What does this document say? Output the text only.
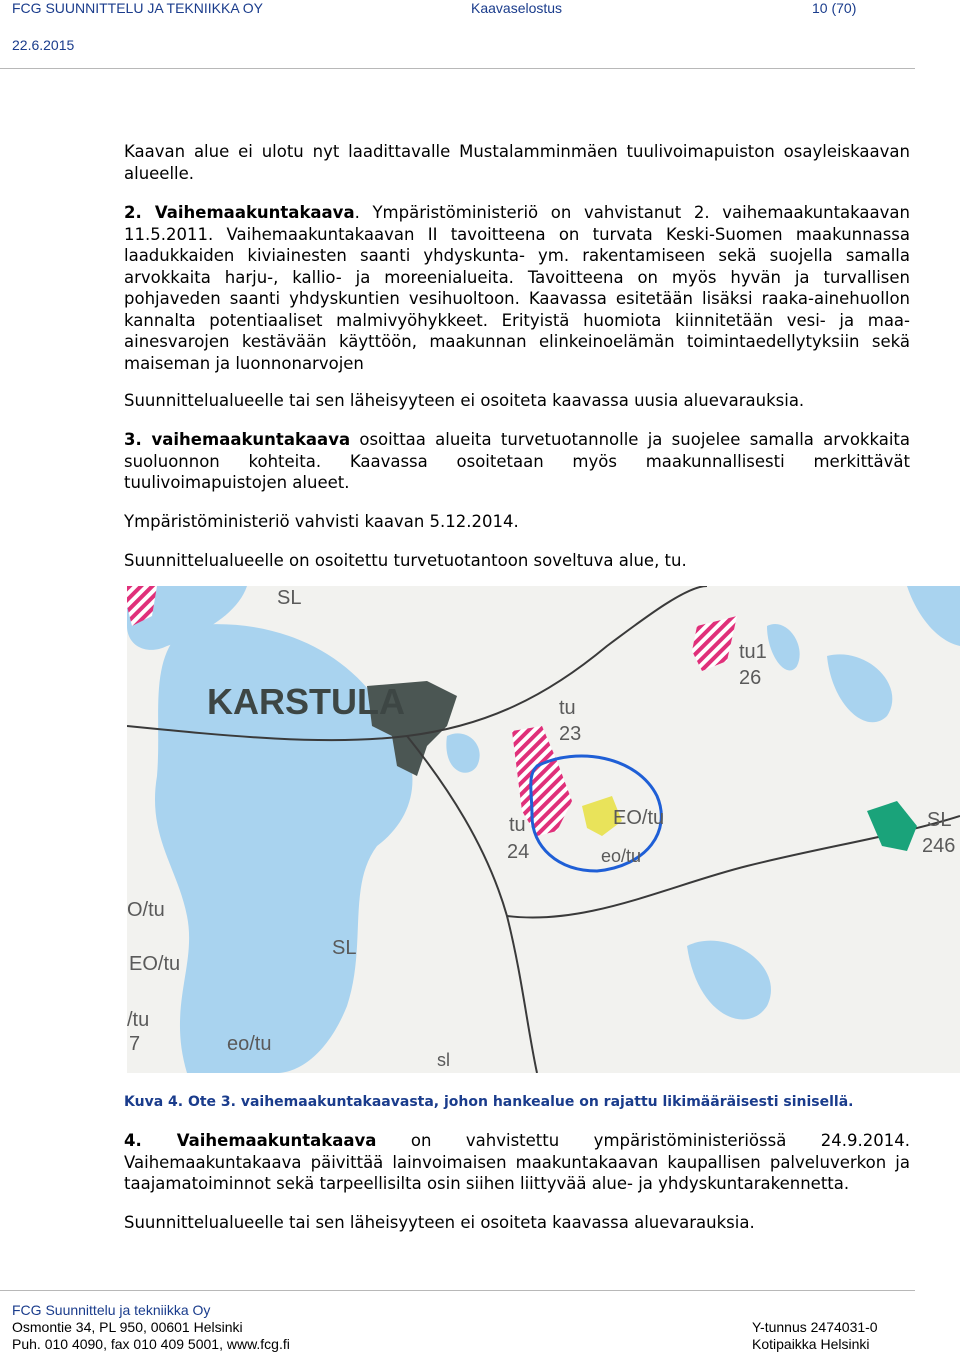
FCG SUUNNITTELU JA TEKNIIKKA OY	Kaavaselostus	10 (70)
22.6.2015

Kaavan alue ei ulotu nyt laadittavalle Mustalamminmäen tuulivoimapuiston osayleiskaavan alueelle.

2. Vaihemaakuntakaava. Ympäristöministeriö on vahvistanut 2. vaihemaakuntakaavan 11.5.2011. Vaihemaakuntakaavan II tavoitteena on turvata Keski-Suomen maakunnassa laadukkaiden kiviainesten saanti yhdyskunta- ym. rakentamiseen sekä suojella samalla arvokkaita harju-, kallio- ja moreenialueita. Tavoitteena on myös hyvän ja turvallisen pohjaveden saanti yhdyskuntien vesihuoltoon. Kaavassa esitetään lisäksi raaka-ainehuollon kannalta potentiaaliset malmivyöhykkeet. Erityistä huomiota kiinnitetään vesi- ja maa-ainesvarojen kestävään käyttöön, maakunnan elinkeinoelämän toimintaedellytyksiin sekä maiseman ja luonnonarvojen

Suunnittelualueelle tai sen läheisyyteen ei osoiteta kaavassa uusia aluevarauksia.

3. vaihemaakuntakaava osoittaa alueita turvetuotannolle ja suojelee samalla arvokkaita suoluonnon kohteita. Kaavassa osoitetaan myös maakunnallisesti merkittävät tuulivoimapuistojen alueet.

Ympäristöministeriö vahvisti kaavan 5.12.2014.

Suunnittelualueelle on osoitettu turvetuotantoon soveltuva alue, tu.

SL
KARSTULA
tu1
26
tu
23
EO/tu
tu
24	eo/tu
SL
246
O/tu
SL
EO/tu
/tu
7	eo/tu
sl
Kuva 4. Ote 3. vaihemaakuntakaavasta, johon hankealue on rajattu likimääräisesti sinisellä.

4. Vaihemaakuntakaava on vahvistettu ympäristöministeriössä 24.9.2014. Vaihemaakuntakaava päivittää lainvoimaisen maakuntakaavan kaupallisen palveluverkon ja taajamatoiminnot sekä tarpeellisilta osin siihen liittyvää alue- ja yhdyskuntarakennetta.

Suunnittelualueelle tai sen läheisyyteen ei osoiteta kaavassa aluevarauksia.

FCG Suunnittelu ja tekniikka Oy
Osmontie 34, PL 950, 00601 Helsinki
Puh. 010 4090, fax 010 409 5001, www.fcg.fi
Y-tunnus 2474031-0
Kotipaikka Helsinki
